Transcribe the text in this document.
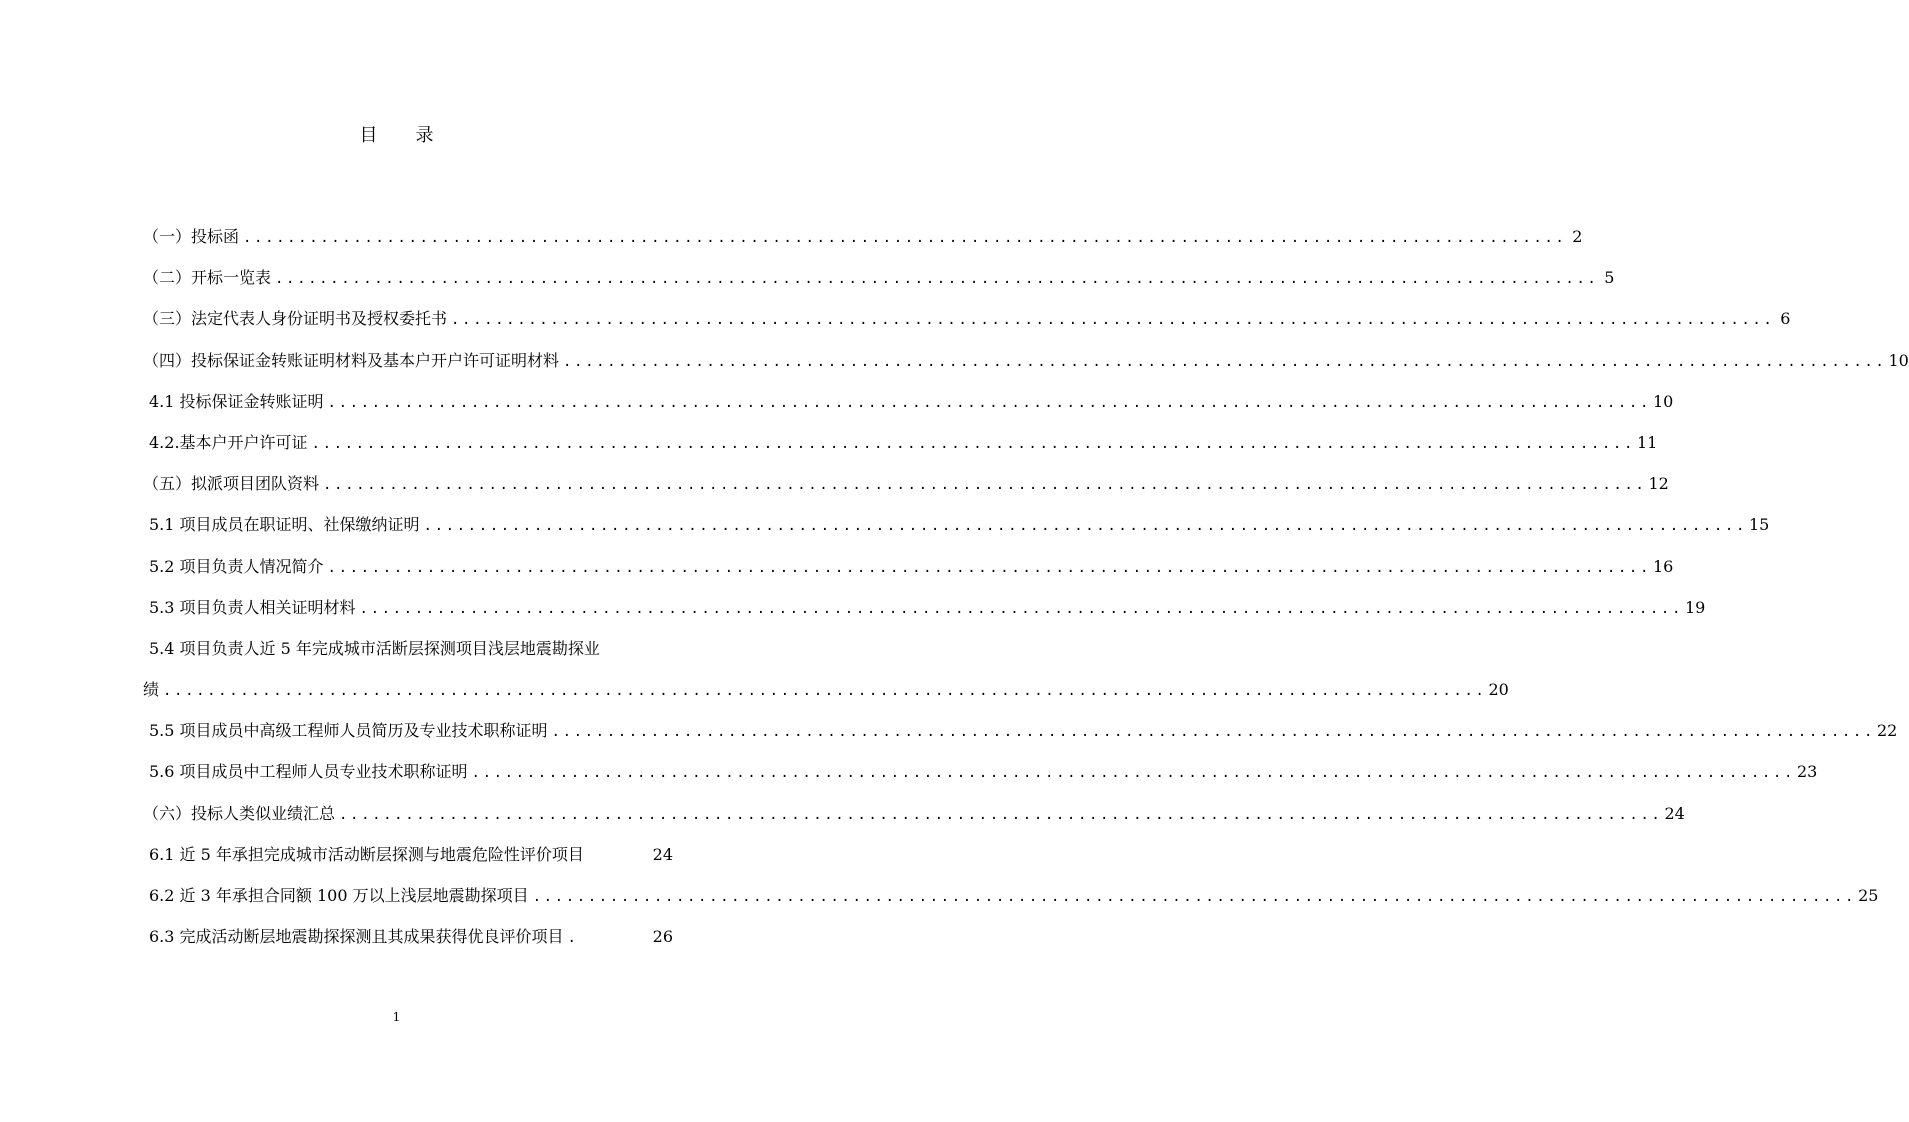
目 录
（一）投标函 ........................................................................................................................ 2
（二）开标一览表 ........................................................................................................................ 5
（三）法定代表人身份证明书及授权委托书 ........................................................................................................................ 6
（四）投标保证金转账证明材料及基本户开户许可证明材料 ........................................................................................................................ 10
4.1 投标保证金转账证明 ........................................................................................................................ 10
4.2.基本户开户许可证 ........................................................................................................................ 11
（五）拟派项目团队资料 ........................................................................................................................ 12
5.1 项目成员在职证明、社保缴纳证明 ........................................................................................................................ 15
5.2 项目负责人情况简介 ........................................................................................................................ 16
5.3 项目负责人相关证明材料 ........................................................................................................................ 19
5.4 项目负责人近 5 年完成城市活断层探测项目浅层地震勘探业
绩 ........................................................................................................................ 20
5.5 项目成员中高级工程师人员简历及专业技术职称证明 ........................................................................................................................ 22
5.6 项目成员中工程师人员专业技术职称证明 ........................................................................................................................ 23
（六）投标人类似业绩汇总 ........................................................................................................................ 24
6.1 近 5 年承担完成城市活动断层探测与地震危险性评价项目	24
6.2 近 3 年承担合同额 100 万以上浅层地震勘探项目 ........................................................................................................................ 25
6.3 完成活动断层地震勘探探测且其成果获得优良评价项目 .	26
1
